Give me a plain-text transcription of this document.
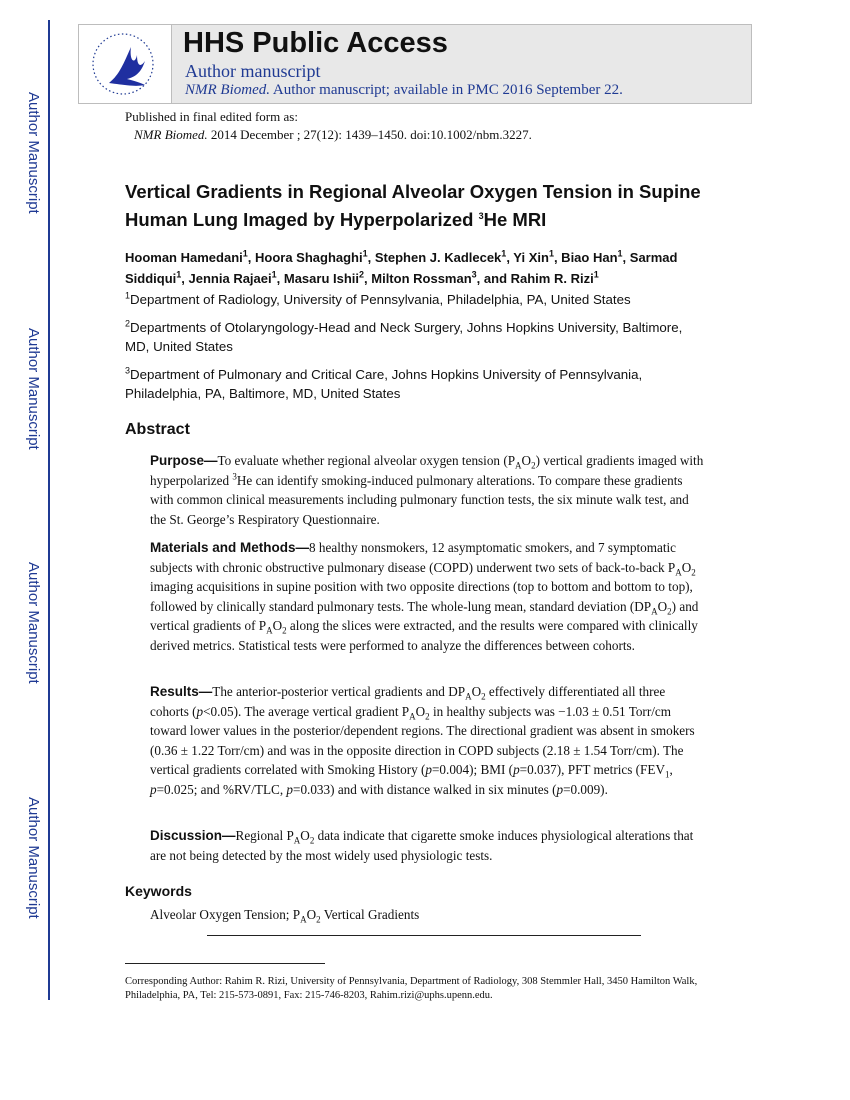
Author Manuscript
Author Manuscript
Author Manuscript
Author Manuscript
HHS Public Access
Author manuscript
NMR Biomed. Author manuscript; available in PMC 2016 September 22.
Published in final edited form as:
NMR Biomed. 2014 December ; 27(12): 1439–1450. doi:10.1002/nbm.3227.
Vertical Gradients in Regional Alveolar Oxygen Tension in Supine Human Lung Imaged by Hyperpolarized $^3$He MRI
Hooman Hamedani$^1$, Hoora Shaghaghi$^1$, Stephen J. Kadlecek$^1$, Yi Xin$^1$, Biao Han$^1$, Sarmad Siddiqui$^1$, Jennia Rajaei$^1$, Masaru Ishii$^2$, Milton Rossman$^3$, and Rahim R. Rizi$^1$
$^1$Department of Radiology, University of Pennsylvania, Philadelphia, PA, United States
$^2$Departments of Otolaryngology-Head and Neck Surgery, Johns Hopkins University, Baltimore, MD, United States
$^3$Department of Pulmonary and Critical Care, Johns Hopkins University of Pennsylvania, Philadelphia, PA, Baltimore, MD, United States
Abstract
Purpose—To evaluate whether regional alveolar oxygen tension $(P_AO_2)$ vertical gradients imaged with hyperpolarized $^3$He can identify smoking-induced pulmonary alterations. To compare these gradients with common clinical measurements including pulmonary function tests, the six minute walk test, and the St. George’s Respiratory Questionnaire.
Materials and Methods—8 healthy nonsmokers, 12 asymptomatic smokers, and 7 symptomatic subjects with chronic obstructive pulmonary disease (COPD) underwent two sets of back-to-back $P_AO_2$ imaging acquisitions in supine position with two opposite directions (top to bottom and bottom to top), followed by clinically standard pulmonary tests. The whole-lung mean, standard deviation $(DP_AO_2)$ and vertical gradients of $P_AO_2$ along the slices were extracted, and the results were compared with clinically derived metrics. Statistical tests were performed to analyze the differences between cohorts.
Results—The anterior-posterior vertical gradients and $DP_AO_2$ effectively differentiated all three cohorts (p<0.05). The average vertical gradient $P_AO_2$ in healthy subjects was −1.03 ± 0.51 Torr/cm toward lower values in the posterior/dependent regions. The directional gradient was absent in smokers (0.36 ± 1.22 Torr/cm) and was in the opposite direction in COPD subjects (2.18 ± 1.54 Torr/cm). The vertical gradients correlated with Smoking History (p=0.004); BMI (p=0.037), PFT metrics ($FEV_1$, p=0.025; and %RV/TLC, p=0.033) and with distance walked in six minutes (p=0.009).
Discussion—Regional $P_AO_2$ data indicate that cigarette smoke induces physiological alterations that are not being detected by the most widely used physiologic tests.
Keywords
Alveolar Oxygen Tension; $P_AO_2$ Vertical Gradients
Corresponding Author: Rahim R. Rizi, University of Pennsylvania, Department of Radiology, 308 Stemmler Hall, 3450 Hamilton Walk, Philadelphia, PA, Tel: 215-573-0891, Fax: 215-746-8203, Rahim.rizi@uphs.upenn.edu.
